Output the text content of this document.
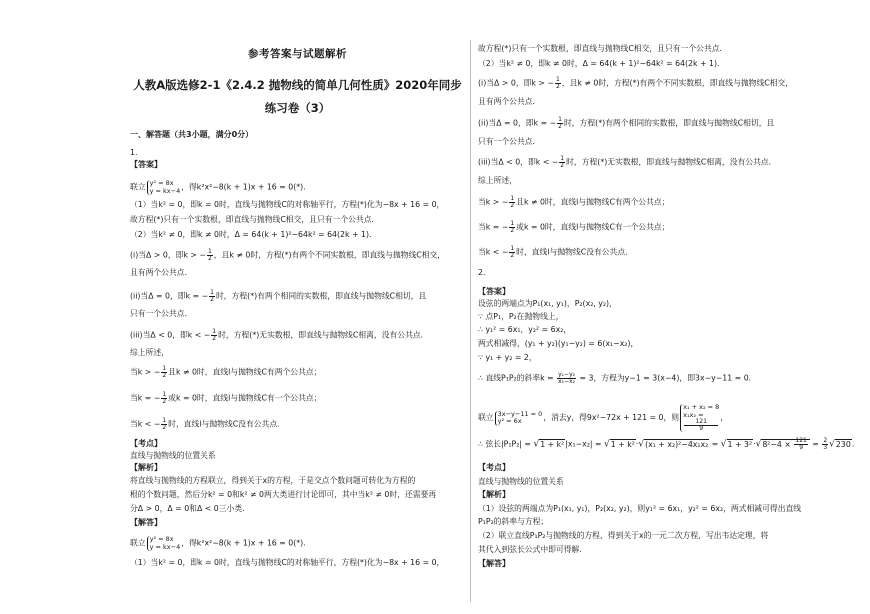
参考答案与试题解析
人教A版选修2-1《2.4.2 抛物线的简单几何性质》2020年同步
练习卷（3）
一、解答题（共3小题，满分0分）
1.
【答案】
联立 y² = 8x
y = kx−4 ，得k²x²−8(k + 1)x + 16 = 0(*)．
（1）当k² = 0，即k = 0时，直线与抛物线C的对称轴平行，方程(*)化为−8x + 16 = 0，
故方程(*)只有一个实数根，即直线与抛物线C相交，且只有一个公共点．
（2）当k² ≠ 0，即k ≠ 0时，Δ = 64(k + 1)²−64k² = 64(2k + 1)．
(i)当Δ > 0，即k > − $\frac{1}{2}$ ，且k ≠ 0时，方程(*)有两个不同实数根，即直线与抛物线C相交，
且有两个公共点．
(ii)当Δ = 0，即k = − $\frac{1}{2}$ 时，方程(*)有两个相同的实数根，即直线与抛物线C相切，且
只有一个公共点．
(iii)当Δ < 0，即k < − $\frac{1}{2}$ 时，方程(*)无实数根，即直线与抛物线C相离，没有公共点．
综上所述，
当k > − $\frac{1}{2}$ 且k ≠ 0时，直线l与抛物线C有两个公共点；
当k = − $\frac{1}{2}$ 或k = 0时，直线l与抛物线C有一个公共点；
当k < − $\frac{1}{2}$ 时，直线l与抛物线C没有公共点．
【考点】
直线与抛物线的位置关系
【解析】
将直线与抛物线的方程联立，得到关于x的方程，于是交点个数问题可转化为方程的
根的个数问题，然后分k² = 0和k² ≠ 0两大类进行讨论即可，其中当k² ≠ 0时，还需要再
分Δ > 0，Δ = 0和Δ < 0三小类．
【解答】
联立 y² = 8x
y = kx−4 ，得k²x²−8(k + 1)x + 16 = 0(*)．
（1）当k² = 0，即k = 0时，直线与抛物线C的对称轴平行，方程(*)化为−8x + 16 = 0，
故方程(*)只有一个实数根，即直线与抛物线C相交，且只有一个公共点．
（2）当k² ≠ 0，即k ≠ 0时，Δ = 64(k + 1)²−64k² = 64(2k + 1)．
(i)当Δ > 0，即k > − $\frac{1}{2}$ ，且k ≠ 0时，方程(*)有两个不同实数根，即直线与抛物线C相交，
且有两个公共点．
(ii)当Δ = 0，即k = − $\frac{1}{2}$ 时，方程(*)有两个相同的实数根，即直线与抛物线C相切，且
只有一个公共点．
(iii)当Δ < 0，即k < − $\frac{1}{2}$ 时，方程(*)无实数根，即直线与抛物线C相离，没有公共点．
综上所述，
当k > − $\frac{1}{2}$ 且k ≠ 0时，直线l与抛物线C有两个公共点；
当k = − $\frac{1}{2}$ 或k = 0时，直线l与抛物线C有一个公共点；
当k < − $\frac{1}{2}$ 时，直线l与抛物线C没有公共点．
2.
【答案】
设弦的两端点为P₁(x₁, y₁)，P₂(x₂, y₂)，
∵ 点P₁，P₂在抛物线上，
∴ y₁² = 6x₁，y₂² = 6x₂，
两式相减得，(y₁ + y₂)(y₁−y₂) = 6(x₁−x₂)，
∵ y₁ + y₂ = 2，
∴ 直线P₁P₂的斜率$k = \frac{\text{y₁−y₂}}{\text{x₁−x₂}} = 3$，方程为y−1 = 3(x−4)，即3x−y−11 = 0．
联立 3x−y−11 = 0
y² = 6x	，消去y，得9x²−72x + 121 = 0，则
x₁ + x₂ = 8
x₁x₂ =
121
9
，
∴ 弦长$|P_1P_2| = √1 + k^2|x_1-x_2| = √1 + k^2\cdot√(x_1 + x_2)^2-4x_1x_2 = √1 + 3^2\cdot√8^2-4 \times \frac{121}{9} = \frac{2}{3} √230$．
【考点】
直线与抛物线的位置关系
【解析】
（1）设弦的两端点为P₁(x₁, y₁)，P₂(x₂, y₂)，则y₁² = 6x₁，y₂² = 6x₂，两式相减可得出直线
P₁P₂的斜率与方程；
（2）联立直线P₁P₂与抛物线的方程，得到关于x的一元二次方程，写出韦达定理，将
其代入到弦长公式中即可得解．
【解答】
